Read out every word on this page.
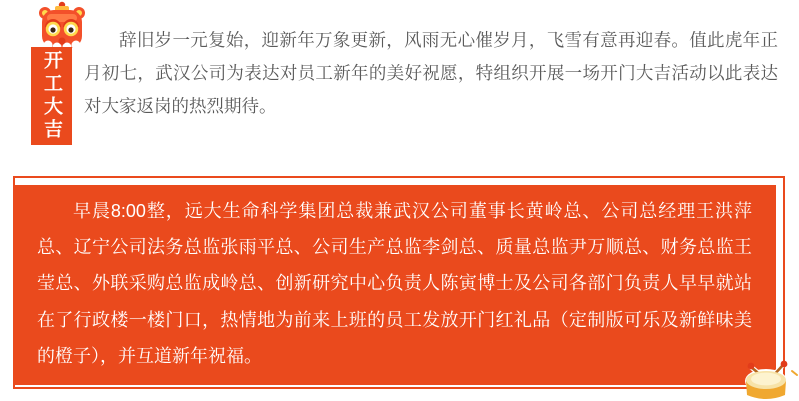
开工大吉

辞旧岁一元复始，迎新年万象更新，风雨无心催岁月，飞雪有意再迎春。值此虎年正月初七，武汉公司为表达对员工新年的美好祝愿，特组织开展一场开门大吉活动以此表达对大家返岗的热烈期待。

早晨8:00整，远大生命科学集团总裁兼武汉公司董事长黄岭总、公司总经理王洪萍总、辽宁公司法务总监张雨平总、公司生产总监李剑总、质量总监尹万顺总、财务总监王莹总、外联采购总监成岭总、创新研究中心负责人陈寅博士及公司各部门负责人早早就站在了行政楼一楼门口，热情地为前来上班的员工发放开门红礼品（定制版可乐及新鲜味美的橙子），并互道新年祝福。
